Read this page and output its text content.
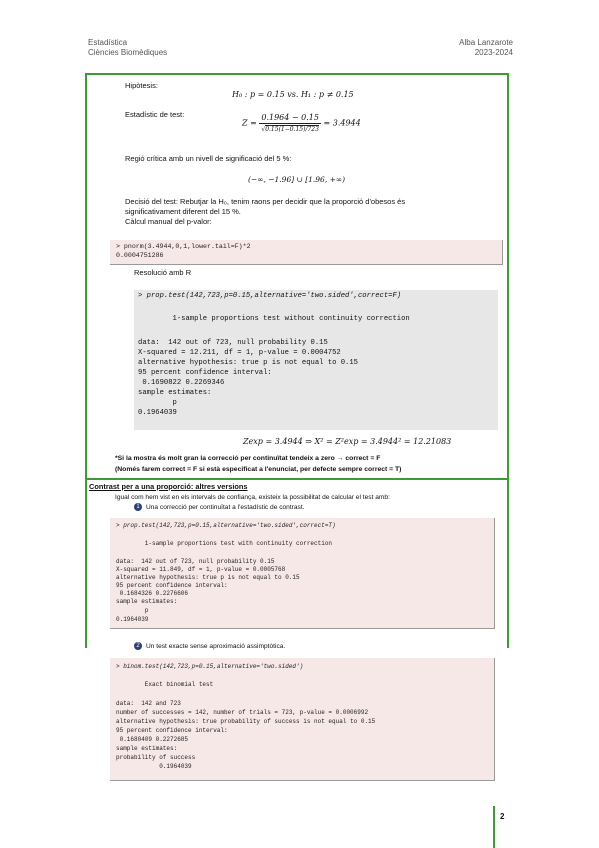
Estadística
Ciències Biomèdiques
Alba Lanzarote
2023-2024
Hipòtesis:
H₀ : p = 0.15 vs. H₁ : p ≠ 0.15
Estadístic de test:
$Z = \frac{0.1964 - 0.15}{√0.15(1-0.15)/723} = 3.4944$
Regió crítica amb un nivell de significació del 5 %:
(−∞, −1.96] ∪ [1.96, +∞)
Decisió del test: Rebutjar la H₀, tenim raons per decidir que la proporció d'obesos és
significativament diferent del 15 %.
Càlcul manual del p-valor:
> pnorm(3.4944,0,1,lower.tail=F)*2
0.0004751286
Resolució amb R
> prop.test(142,723,p=0.15,alternative='two.sided',correct=F)
1-sample proportions test without continuity correction
data:  142 out of 723, null probability 0.15
X-squared = 12.211, df = 1, p-value = 0.0004752
alternative hypothesis: true p is not equal to 0.15
95 percent confidence interval:
0.1690822 0.2269346
sample estimates:
p
0.1964039
Zexp = 3.4944 ⇒ X² = Z²exp = 3.4944² = 12.21083
*Si la mostra és molt gran la correcció per continuïtat tendeix a zero → correct = F
(Només farem correct = F si està especificat a l'enunciat, per defecte sempre correct = T)
Contrast per a una proporció: altres versions
Igual com hem vist en els intervals de confiança, existeix la possibilitat de calcular el test amb:
1 Una correcció per continuïtat a l'estadístic de contrast.
> prop.test(142,723,p=0.15,alternative='two.sided',correct=T)
1-sample proportions test with continuity correction
data:  142 out of 723, null probability 0.15
X-squared = 11.849, df = 1, p-value = 0.0005768
alternative hypothesis: true p is not equal to 0.15
95 percent confidence interval:
0.1684326 0.2276606
sample estimates:
p
0.1964039
2 Un test exacte sense aproximació assimptòtica.
> binom.test(142,723,p=0.15,alternative='two.sided')
Exact binomial test
data:  142 and 723
number of successes = 142, number of trials = 723, p-value = 0.0006992
alternative hypothesis: true probability of success is not equal to 0.15
95 percent confidence interval:
0.1680409 0.2272685
sample estimates:
probability of success
0.1964039
2
